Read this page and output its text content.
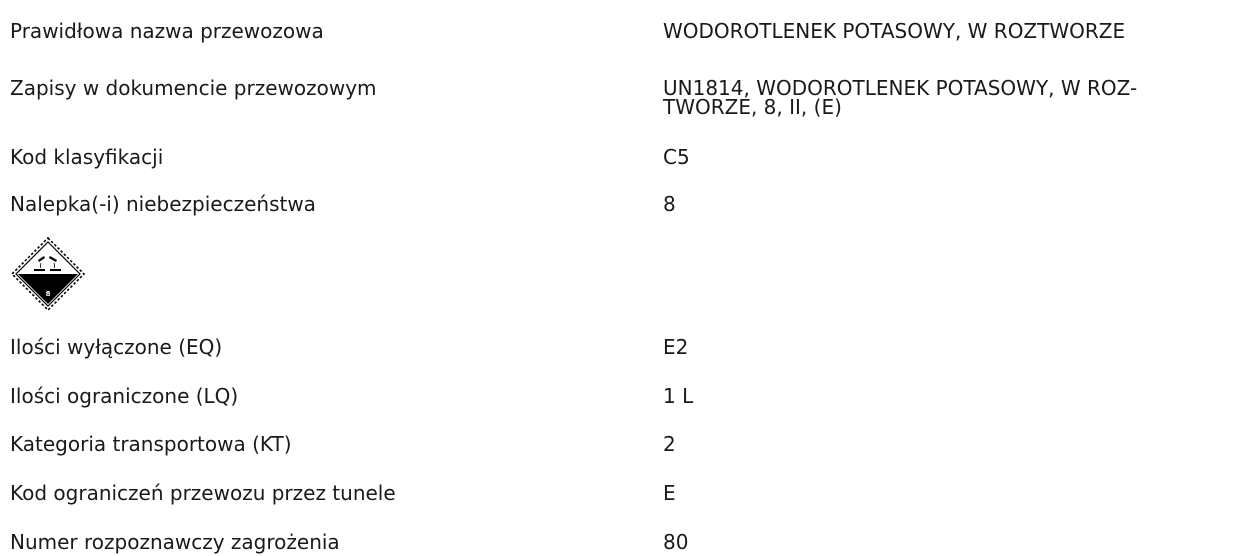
Prawidłowa nazwa przewozowa	WODOROTLENEK POTASOWY, W ROZTWORZE
Zapisy w dokumencie przewozowym	UN1814, WODOROTLENEK POTASOWY, W ROZ-
TWORZE, 8, II, (E)
Kod klasyfikacji	C5
Nalepka(-i) niebezpieczeństwa	8
8
Ilości wyłączone (EQ)	E2
Ilości ograniczone (LQ)	1 L
Kategoria transportowa (KT)	2
Kod ograniczeń przewozu przez tunele	E
Numer rozpoznawczy zagrożenia	80
